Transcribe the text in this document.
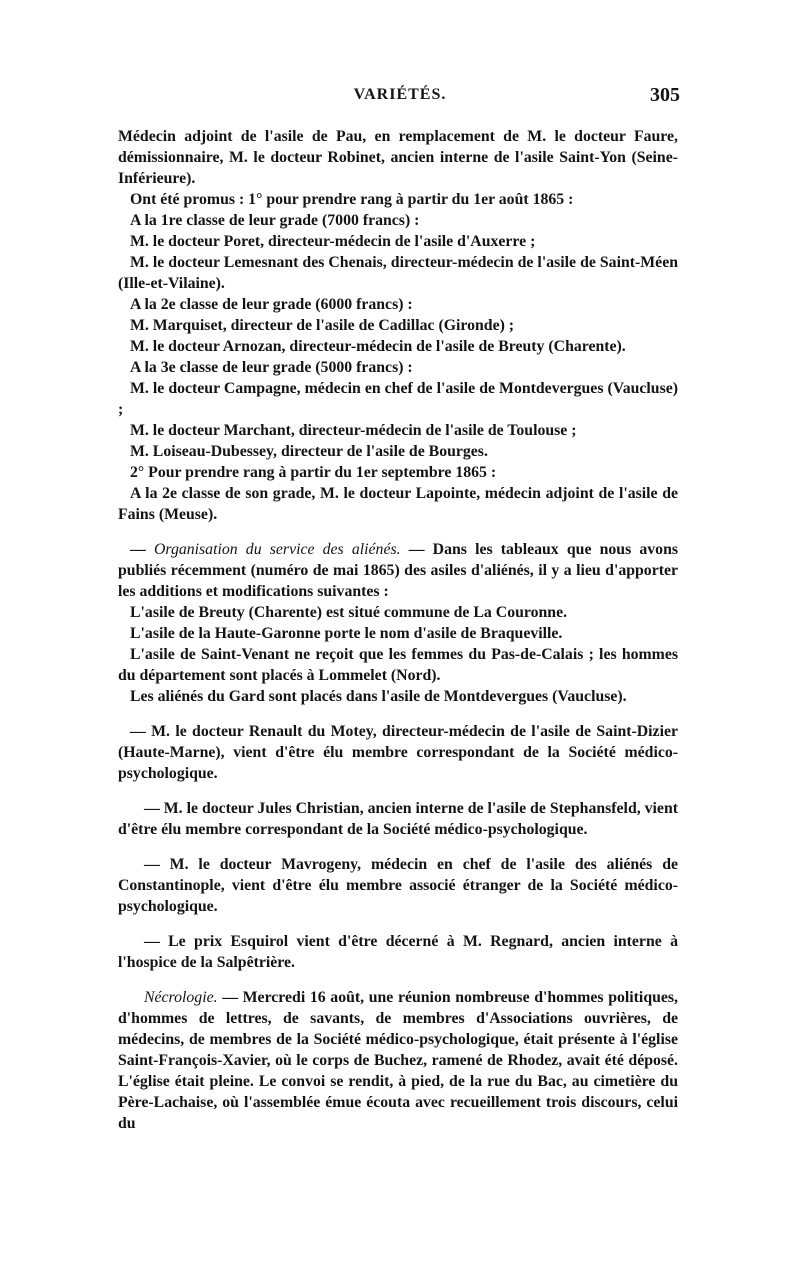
VARIÉTÉS.	305

Médecin adjoint de l'asile de Pau, en remplacement de M. le docteur Faure, démissionnaire, M. le docteur Robinet, ancien interne de l'asile Saint-Yon (Seine-Inférieure).

Ont été promus : 1° pour prendre rang à partir du 1er août 1865 :

A la 1re classe de leur grade (7000 francs) :

M. le docteur Poret, directeur-médecin de l'asile d'Auxerre ;

M. le docteur Lemesnant des Chenais, directeur-médecin de l'asile de Saint-Méen (Ille-et-Vilaine).

A la 2e classe de leur grade (6000 francs) :

M. Marquiset, directeur de l'asile de Cadillac (Gironde) ;

M. le docteur Arnozan, directeur-médecin de l'asile de Breuty (Charente).

A la 3e classe de leur grade (5000 francs) :

M. le docteur Campagne, médecin en chef de l'asile de Montdevergues (Vaucluse) ;

M. le docteur Marchant, directeur-médecin de l'asile de Toulouse ;

M. Loiseau-Dubessey, directeur de l'asile de Bourges.

2° Pour prendre rang à partir du 1er septembre 1865 :

A la 2e classe de son grade, M. le docteur Lapointe, médecin adjoint de l'asile de Fains (Meuse).

— Organisation du service des aliénés. — Dans les tableaux que nous avons publiés récemment (numéro de mai 1865) des asiles d'aliénés, il y a lieu d'apporter les additions et modifications suivantes :

L'asile de Breuty (Charente) est situé commune de La Couronne.

L'asile de la Haute-Garonne porte le nom d'asile de Braqueville.

L'asile de Saint-Venant ne reçoit que les femmes du Pas-de-Calais ; les hommes du département sont placés à Lommelet (Nord).

Les aliénés du Gard sont placés dans l'asile de Montdevergues (Vaucluse).

— M. le docteur Renault du Motey, directeur-médecin de l'asile de Saint-Dizier (Haute-Marne), vient d'être élu membre correspondant de la Société médico-psychologique.

— M. le docteur Jules Christian, ancien interne de l'asile de Stephansfeld, vient d'être élu membre correspondant de la Société médico-psychologique.

— M. le docteur Mavrogeny, médecin en chef de l'asile des aliénés de Constantinople, vient d'être élu membre associé étranger de la Société médico-psychologique.

— Le prix Esquirol vient d'être décerné à M. Regnard, ancien interne à l'hospice de la Salpêtrière.

Nécrologie. — Mercredi 16 août, une réunion nombreuse d'hommes politiques, d'hommes de lettres, de savants, de membres d'Associations ouvrières, de médecins, de membres de la Société médico-psychologique, était présente à l'église Saint-François-Xavier, où le corps de Buchez, ramené de Rhodez, avait été déposé. L'église était pleine. Le convoi se rendit, à pied, de la rue du Bac, au cimetière du Père-Lachaise, où l'assemblée émue écouta avec recueillement trois discours, celui du
